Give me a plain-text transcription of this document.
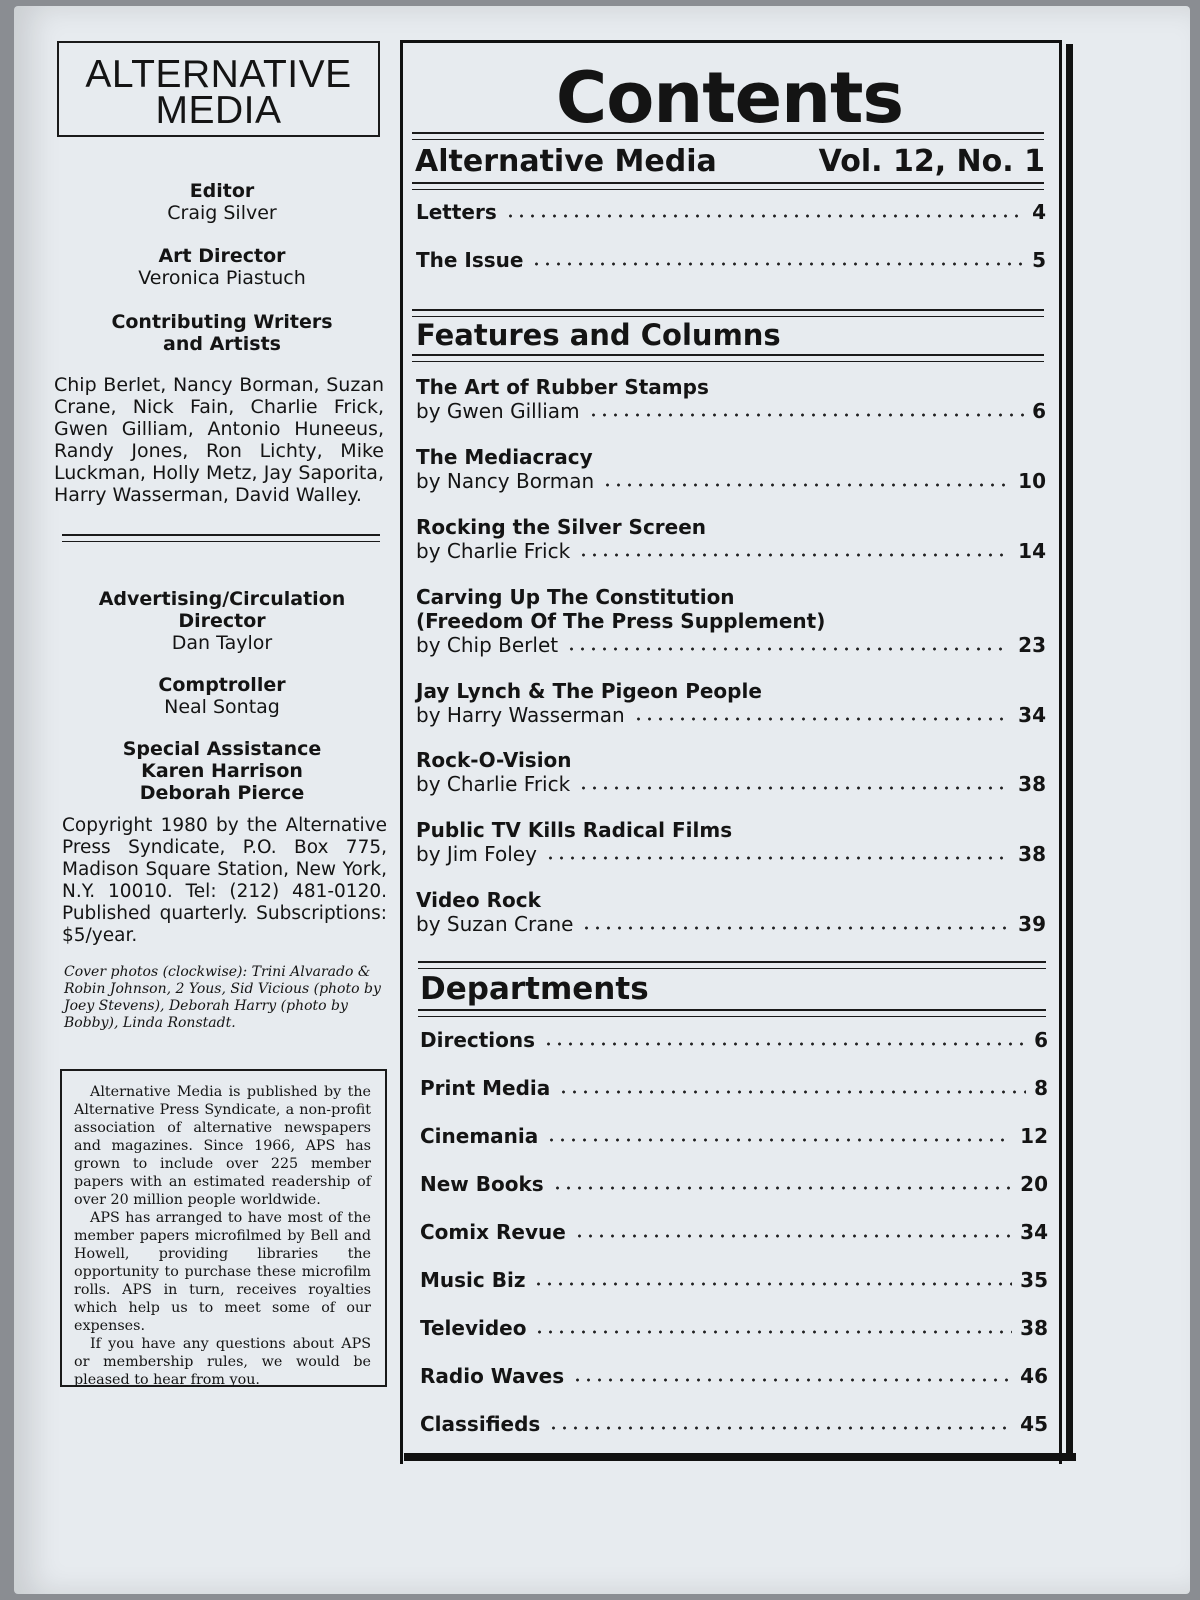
ALTERNATIVE
MEDIA
Editor
Craig Silver
Art Director
Veronica Piastuch
Contributing Writers
and Artists
Chip Berlet, Nancy Borman, Suzan Crane, Nick Fain, Charlie Frick, Gwen Gilliam, Antonio Huneeus, Randy Jones, Ron Lichty, Mike Luckman, Holly Metz, Jay Saporita, Harry Wasserman, David Walley.
Advertising/Circulation
Director
Dan Taylor
Comptroller
Neal Sontag
Special Assistance
Karen Harrison
Deborah Pierce
Copyright 1980 by the Alternative Press Syndicate, P.O. Box 775, Madison Square Station, New York, N.Y. 10010. Tel: (212) 481-0120. Published quarterly. Subscriptions: $5/year.
Cover photos (clockwise): Trini Alvarado & Robin Johnson, 2 Yous, Sid Vicious (photo by Joey Stevens), Deborah Harry (photo by Bobby), Linda Ronstadt.

Alternative Media is published by the Alternative Press Syndicate, a non-profit association of alternative newspapers and magazines. Since 1966, APS has grown to include over 225 member papers with an estimated readership of over 20 million people worldwide.

APS has arranged to have most of the member papers microfilmed by Bell and Howell, providing libraries the opportunity to purchase these microfilm rolls. APS in turn, receives royalties which help us to meet some of our expenses.

If you have any questions about APS or membership rules, we would be pleased to hear from you.

Contents
Alternative Media	Vol. 12, No. 1
Letters	4
The Issue	5
Features and Columns
The Art of Rubber Stamps
by Gwen Gilliam	6
The Mediacracy
by Nancy Borman	10
Rocking the Silver Screen
by Charlie Frick	14
Carving Up The Constitution
(Freedom Of The Press Supplement)
by Chip Berlet	23
Jay Lynch & The Pigeon People
by Harry Wasserman	34
Rock-O-Vision
by Charlie Frick	38
Public TV Kills Radical Films
by Jim Foley	38
Video Rock
by Suzan Crane	39
Departments
Directions	6
Print Media	8
Cinemania	12
New Books	20
Comix Revue	34
Music Biz	35
Televideo	38
Radio Waves	46
Classifieds	45
